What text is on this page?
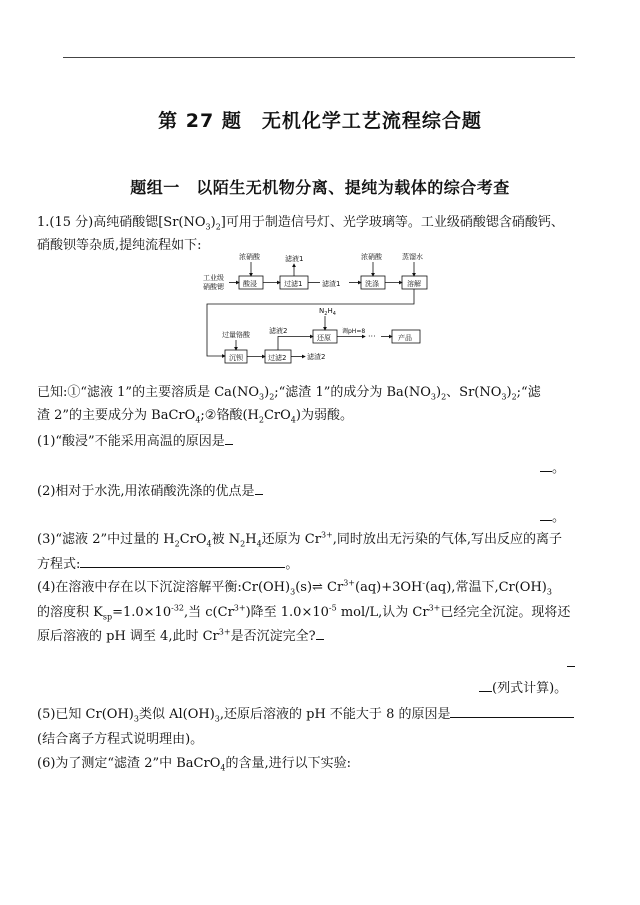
第 27 题　无机化学工艺流程综合题
题组一　以陌生无机物分离、提纯为载体的综合考查
1.(15 分)高纯硝酸锶$[Sr(NO_3)_2]$可用于制造信号灯、光学玻璃等。工业级硝酸锶含硝酸钙、
硝酸钡等杂质,提纯流程如下:
工业级
硝酸锶
浓硝酸
酸浸
滤液1
过滤1	滤渣1
浓硝酸
洗涤
蒸馏水
溶解
过量铬酸
沉钡
滤液2
过滤2	滤渣2
$N_2H_4$
还原
调pH=8
···	产品
已知:①“滤液 1”的主要溶质是 $Ca(NO_3)_2;“$滤渣 1”的成分为 $Ba(NO_3)_2$、$Sr(NO_3)_2;“$滤
渣 2”的主要成分为 BaCrO$_4$;②铬酸$(H_2CrO_4)$为弱酸。
(1)“酸浸”不能采用高温的原因是
。
(2)相对于水洗,用浓硝酸洗涤的优点是
。
(3)“滤液 2”中过量的 $H_2CrO_4$被 $N_2H_4$还原为 $Cr^{3+}$,同时放出无污染的气体,写出反应的离子
方程式:	。
(4)在溶液中存在以下沉淀溶解平衡$:Cr(OH)_3(s)\rightleftharpoons$ $Cr^{3+}(aq)+3OH^-(aq)$,常温下$,Cr(OH)_3$
的溶度积 $K_{sp}=1.0\times 10^{-32}$,当 $c(Cr^{3+})$降至 $1.0\times 10^{-5}$ mol/L,认为 $Cr^{3+}$已经完全沉淀。现将还
原后溶液的 pH 调至 4,此时 $Cr^{3+}$是否沉淀完全?
(列式计算)。
(5)已知 $Cr(OH)_3$类似 $Al(OH)_3$,还原后溶液的 pH 不能大于 8 的原因是
(结合离子方程式说明理由)。
(6)为了测定“滤渣 2”中 BaCrO$_4$的含量,进行以下实验:
